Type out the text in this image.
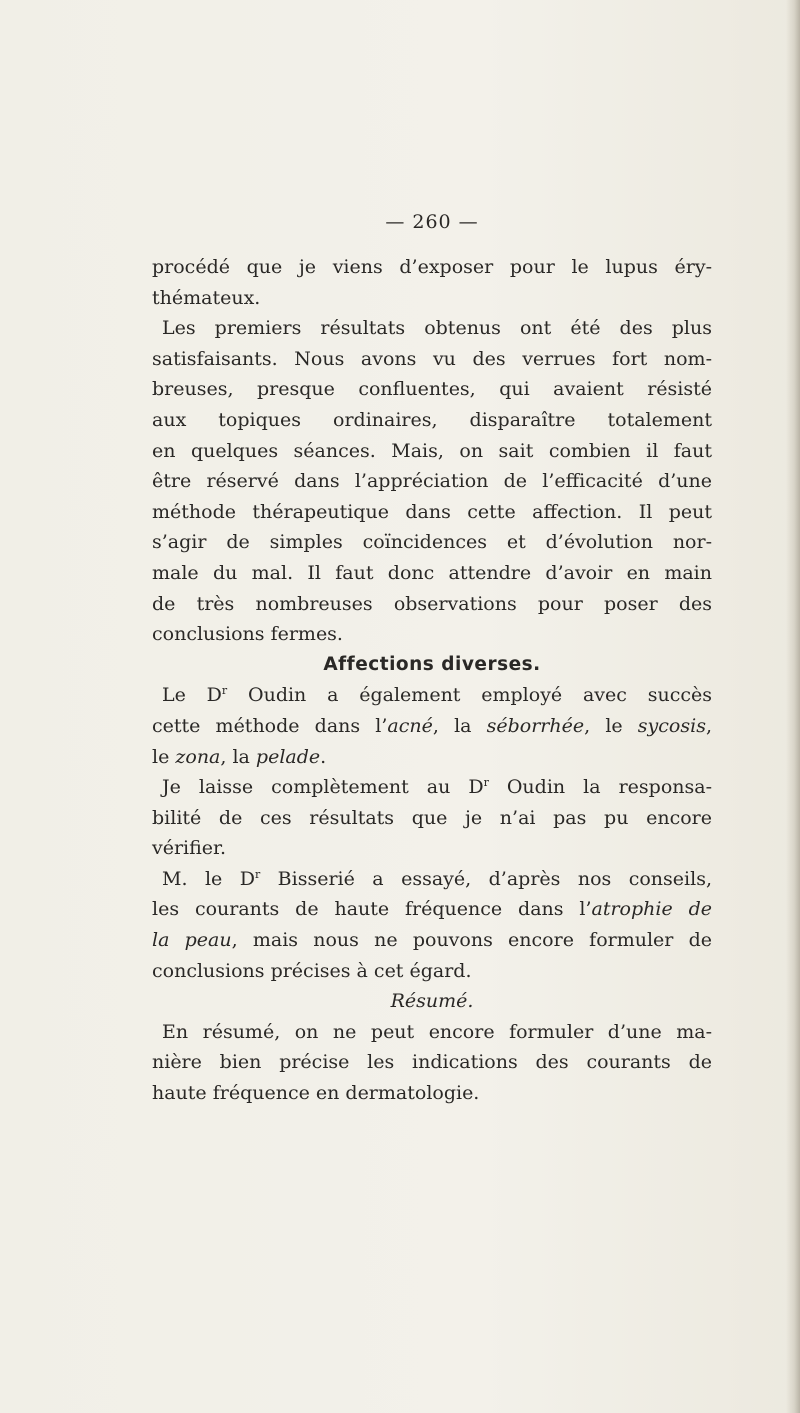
— 260 —
procédé que je viens d’exposer pour le lupus éry-
thémateux.
Les premiers résultats obtenus ont été des plus
satisfaisants. Nous avons vu des verrues fort nom-
breuses, presque confluentes, qui avaient résisté
aux topiques ordinaires, disparaître totalement
en quelques séances. Mais, on sait combien il faut
être réservé dans l’appréciation de l’efficacité d’une
méthode thérapeutique dans cette affection. Il peut
s’agir de simples coïncidences et d’évolution nor-
male du mal. Il faut donc attendre d’avoir en main
de très nombreuses observations pour poser des
conclusions fermes.
Affections diverses.
Le $D^r$ Oudin a également employé avec succès
cette méthode dans l’acné, la séborrhée, le sycosis,
le zona, la pelade.
Je laisse complètement au $D^r$ Oudin la responsa-
bilité de ces résultats que je n’ai pas pu encore
vérifier.
M. le $D^r$ Bisserié a essayé, d’après nos conseils,
les courants de haute fréquence dans l’atrophie de
la peau, mais nous ne pouvons encore formuler de
conclusions précises à cet égard.
Résumé.
En résumé, on ne peut encore formuler d’une ma-
nière bien précise les indications des courants de
haute fréquence en dermatologie.
